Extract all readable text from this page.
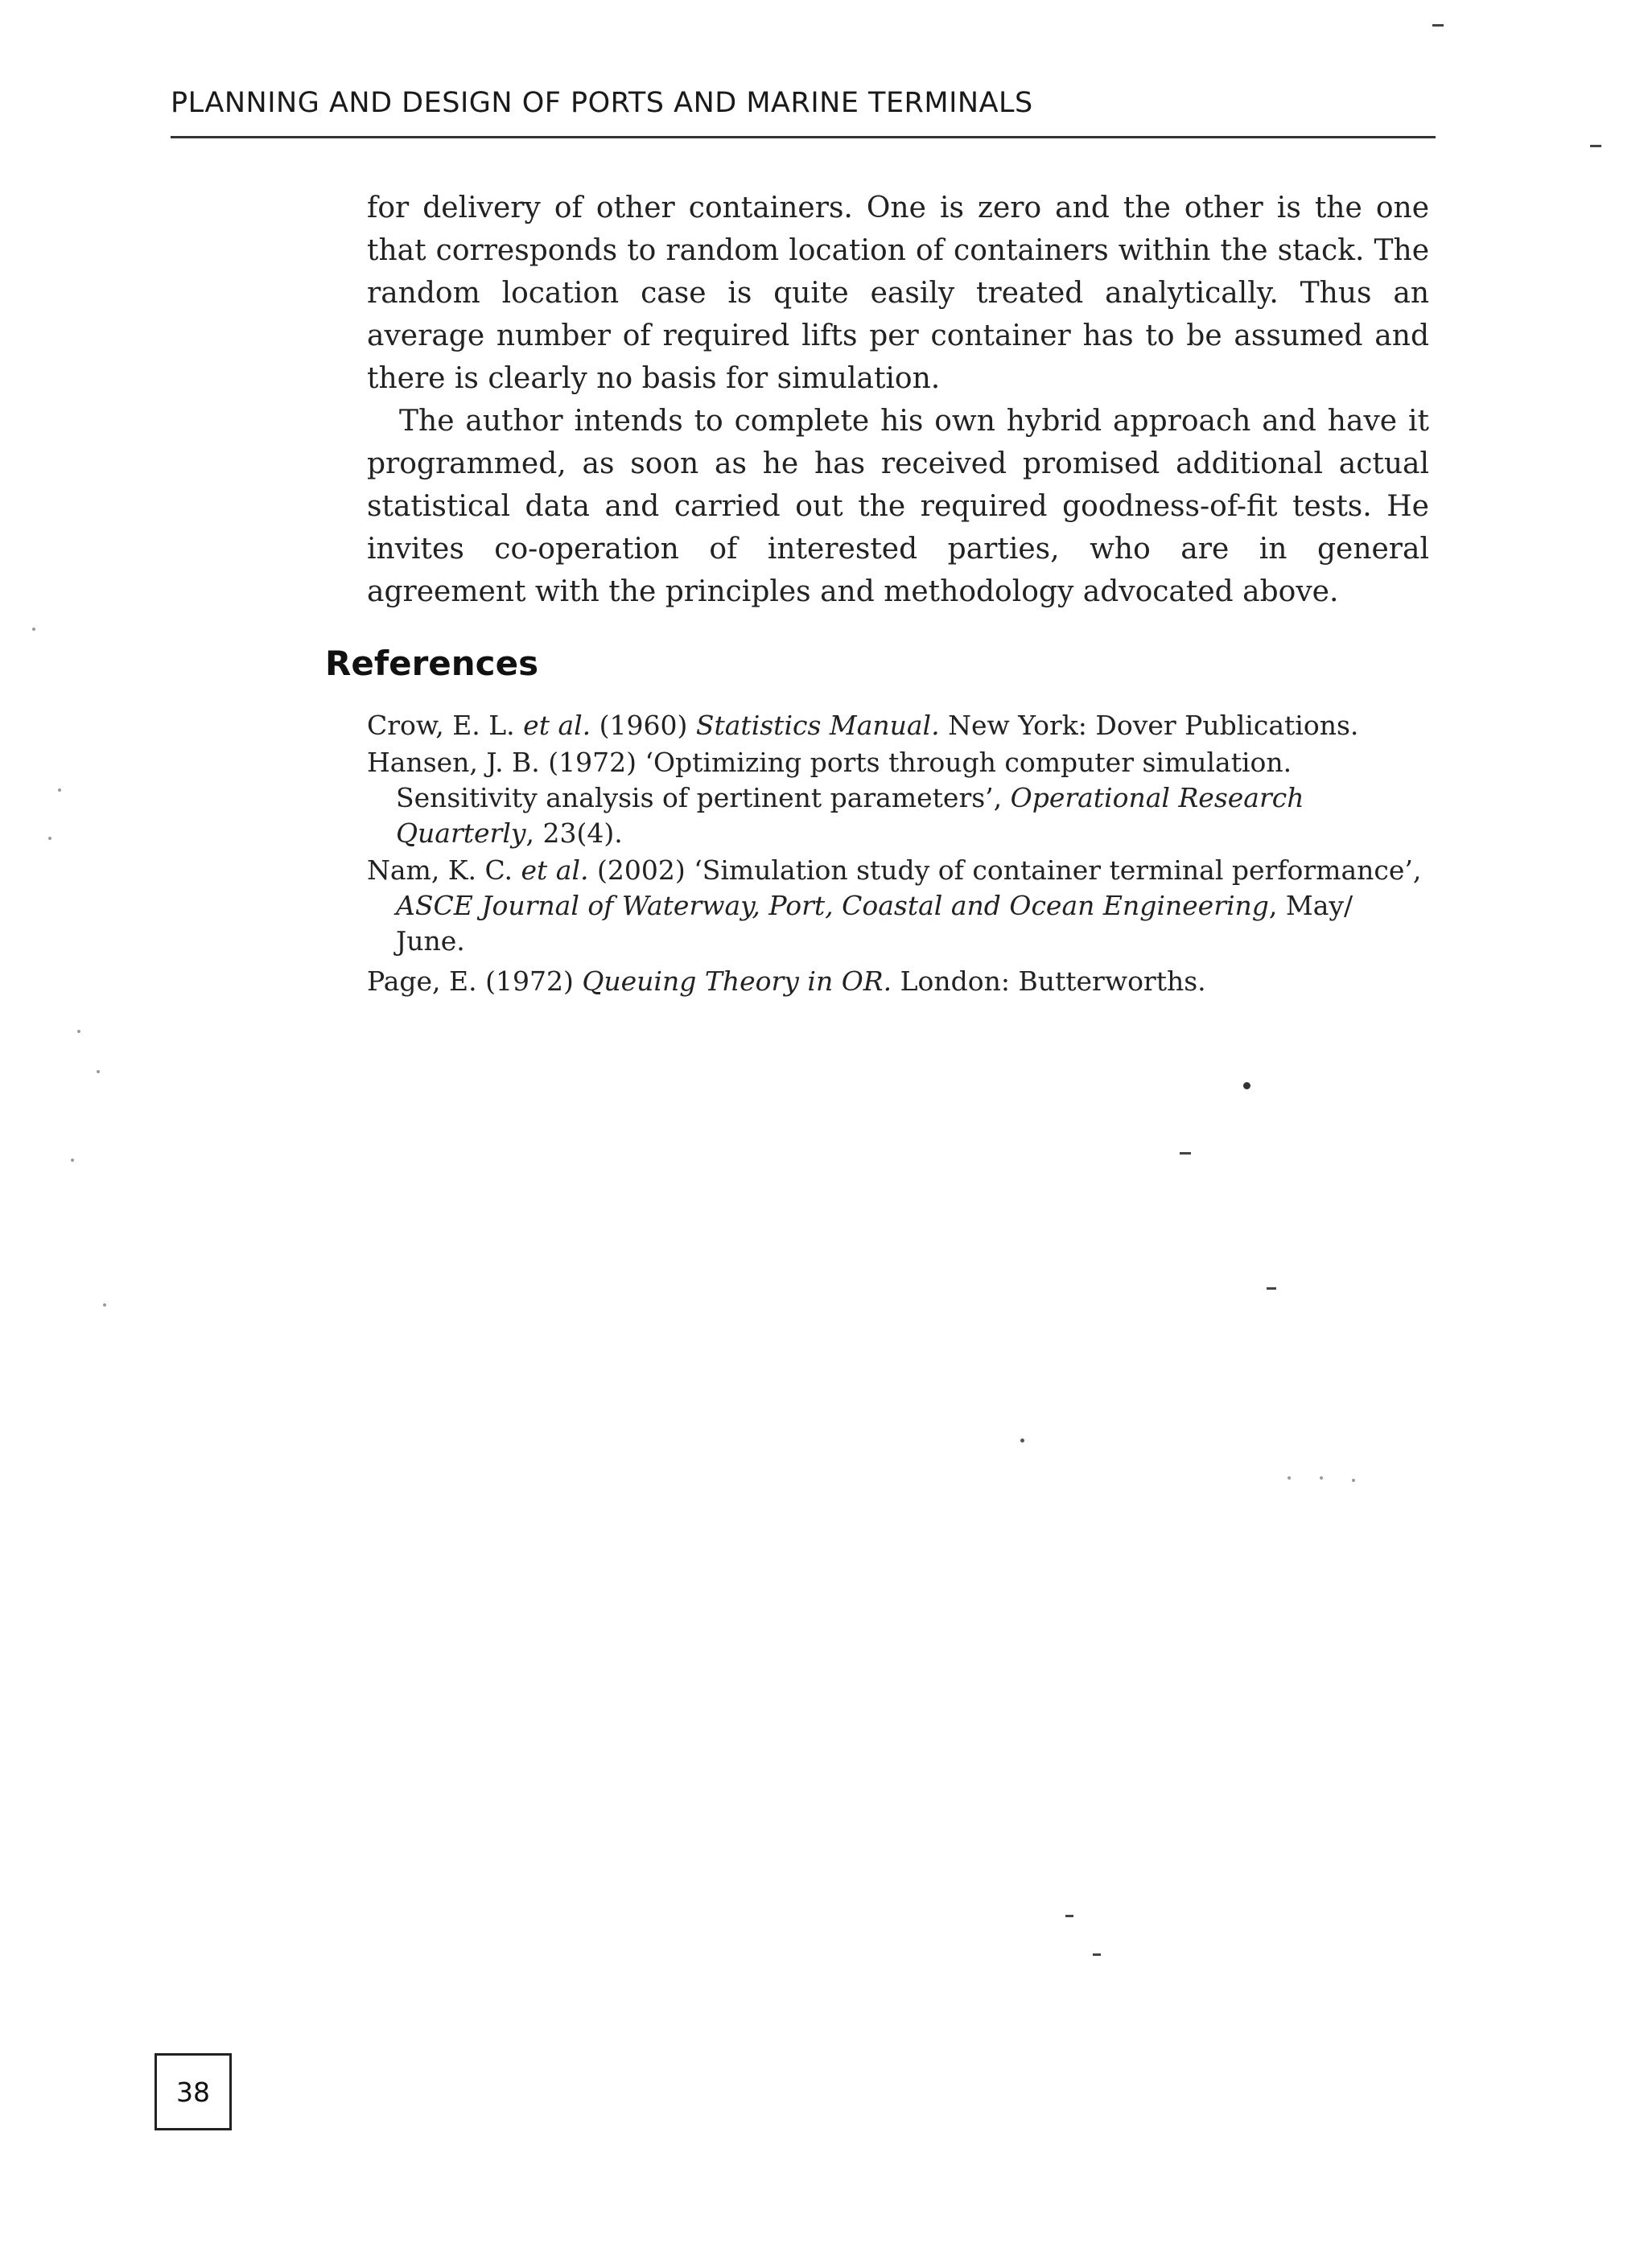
PLANNING AND DESIGN OF PORTS AND MARINE TERMINALS

for delivery of other containers. One is zero and the other is the one that corresponds to random location of containers within the stack. The random location case is quite easily treated analytically. Thus an average number of required lifts per container has to be assumed and there is clearly no basis for simulation.

The author intends to complete his own hybrid approach and have it programmed, as soon as he has received promised additional actual statistical data and carried out the required goodness-of-fit tests. He invites co-operation of interested parties, who are in general agreement with the principles and methodology advocated above.

References
Crow, E. L. et al. (1960) Statistics Manual. New York: Dover Publications.
Hansen, J. B. (1972) ‘Optimizing ports through computer simulation. Sensitivity analysis of pertinent parameters’, Operational Research Quarterly, 23(4).
Nam, K. C. et al. (2002) ‘Simulation study of container terminal performance’, ASCE Journal of Waterway, Port, Coastal and Ocean Engineering, May/ June.
Page, E. (1972) Queuing Theory in OR. London: Butterworths.
38
